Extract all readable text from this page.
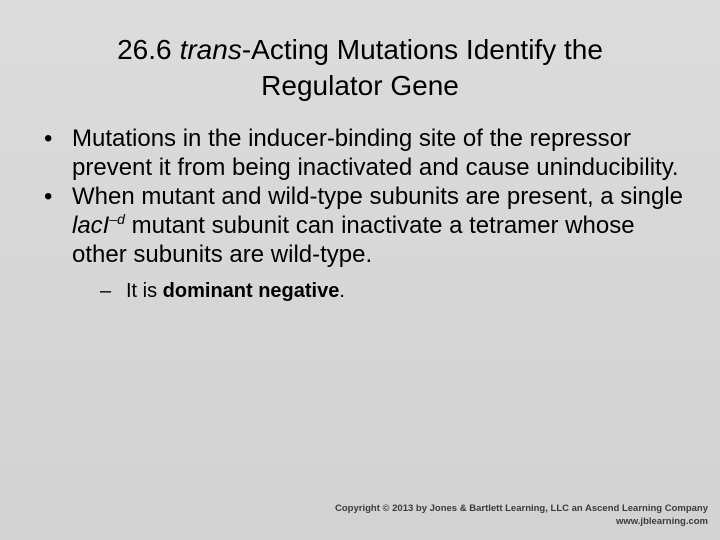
26.6 trans-Acting Mutations Identify the
Regulator Gene
• Mutations in the inducer-binding site of the repressor prevent it from being inactivated and cause uninducibility.
• When mutant and wild-type subunits are present, a single lacI$^{-d}$ mutant subunit can inactivate a tetramer whose other subunits are wild-type.
– It is dominant negative.
Copyright © 2013 by Jones & Bartlett Learning, LLC an Ascend Learning Company
www.jblearning.com
